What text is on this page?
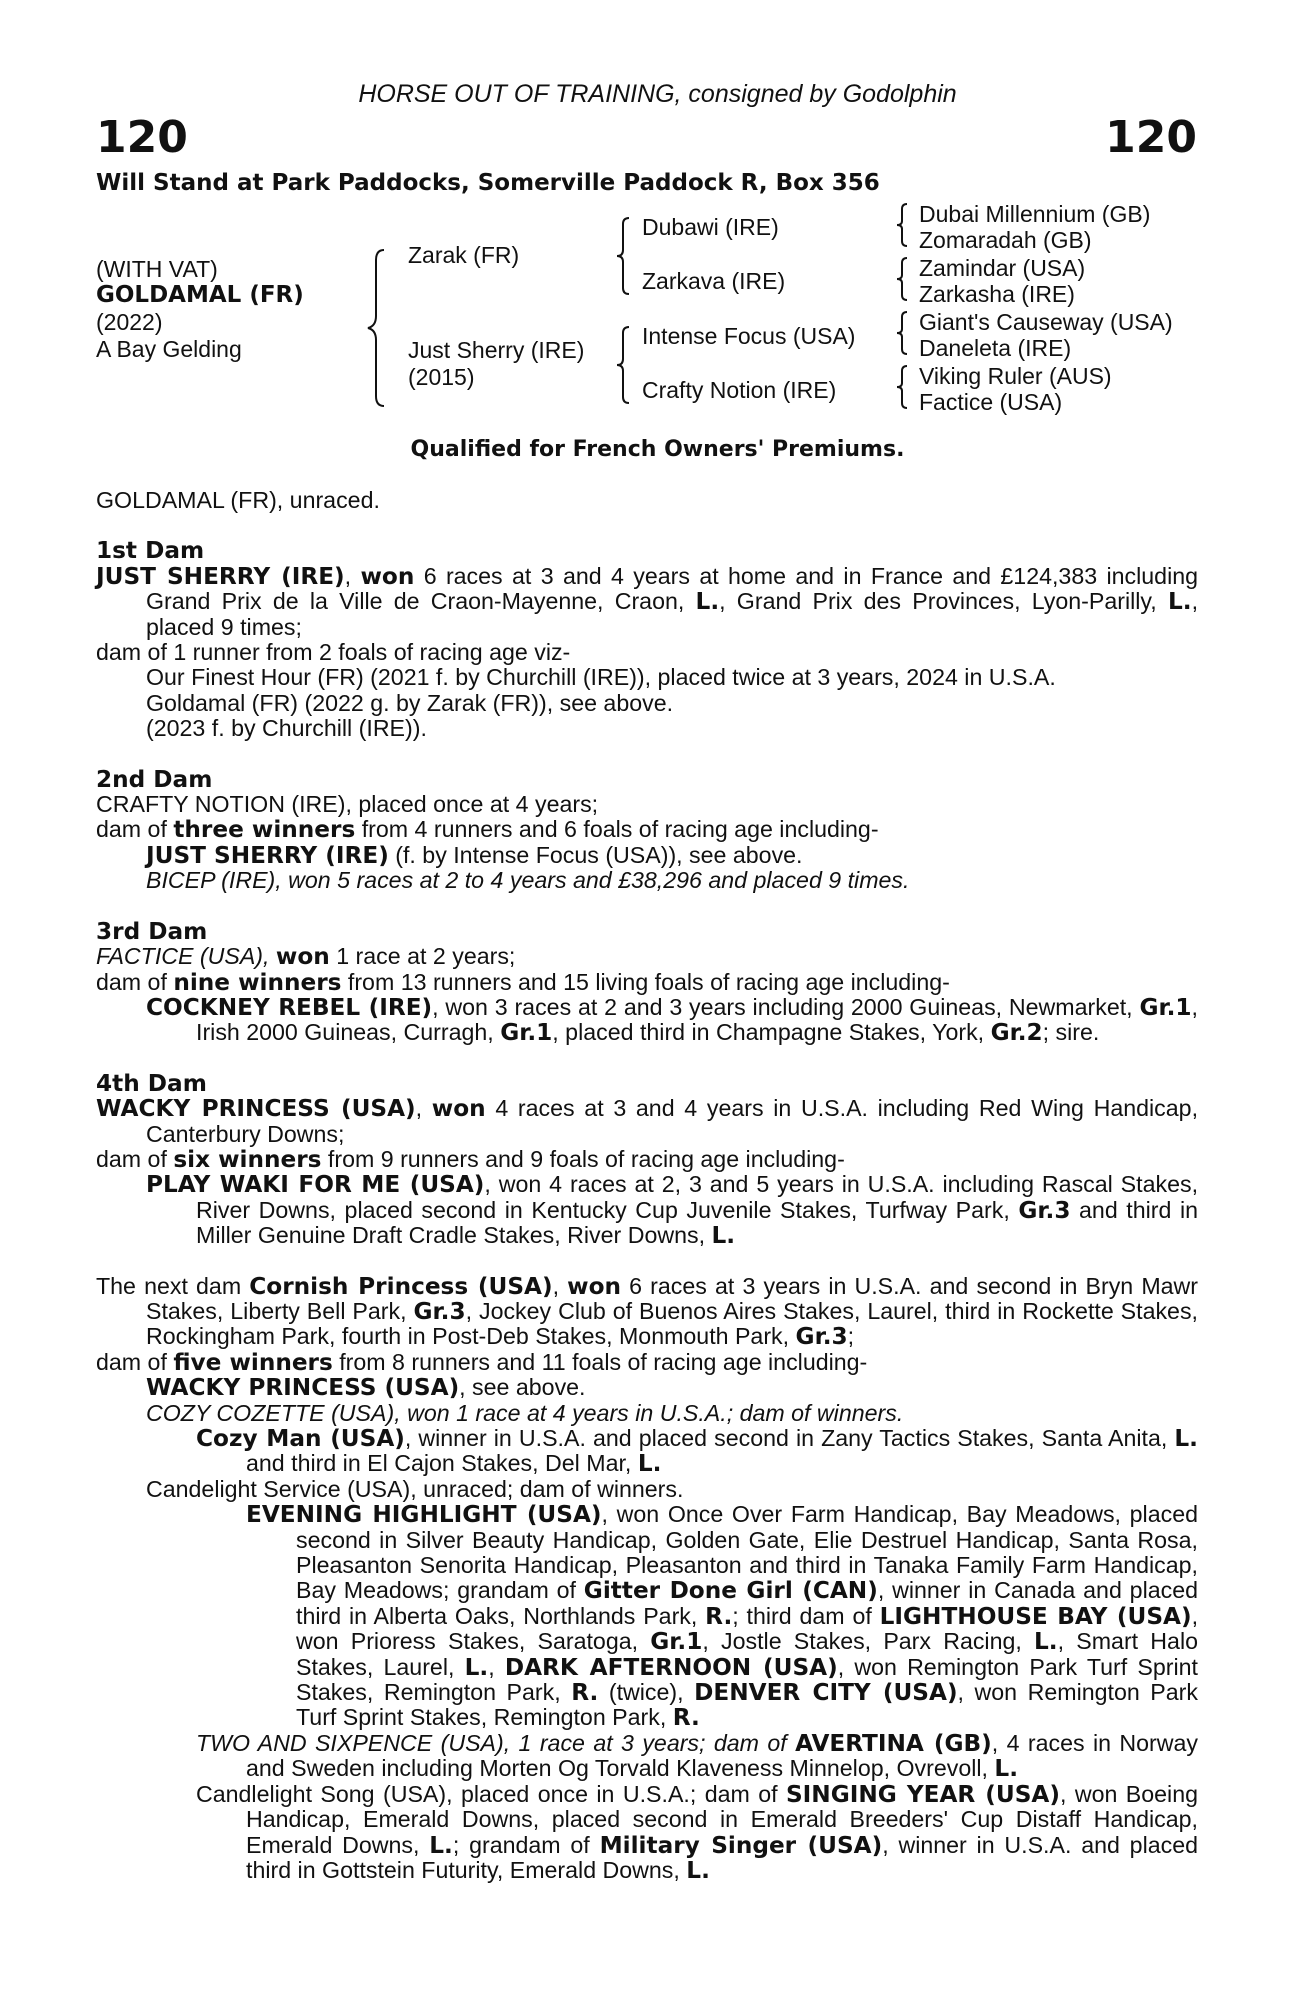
HORSE OUT OF TRAINING, consigned by Godolphin
120	120
Will Stand at Park Paddocks, Somerville Paddock R, Box 356
(WITH VAT)
GOLDAMAL (FR)
(2022)
A Bay Gelding
Zarak (FR)
Just Sherry (IRE)
(2015)
Dubawi (IRE)
Zarkava (IRE)
Intense Focus (USA)
Crafty Notion (IRE)
Dubai Millennium (GB)
Zomaradah (GB)
Zamindar (USA)
Zarkasha (IRE)
Giant's Causeway (USA)
Daneleta (IRE)
Viking Ruler (AUS)
Factice (USA)
Qualified for French Owners' Premiums.

GOLDAMAL (FR), unraced.

1st Dam

JUST SHERRY (IRE), won 6 races at 3 and 4 years at home and in France and £124,383 including Grand Prix de la Ville de Craon-Mayenne, Craon, L., Grand Prix des Provinces, Lyon-Parilly, L., placed 9 times;

dam of 1 runner from 2 foals of racing age viz-

Our Finest Hour (FR) (2021 f. by Churchill (IRE)), placed twice at 3 years, 2024 in U.S.A.

Goldamal (FR) (2022 g. by Zarak (FR)), see above.

(2023 f. by Churchill (IRE)).

2nd Dam

CRAFTY NOTION (IRE), placed once at 4 years;

dam of three winners from 4 runners and 6 foals of racing age including-

JUST SHERRY (IRE) (f. by Intense Focus (USA)), see above.

BICEP (IRE), won 5 races at 2 to 4 years and £38,296 and placed 9 times.

3rd Dam

FACTICE (USA), won 1 race at 2 years;

dam of nine winners from 13 runners and 15 living foals of racing age including-

COCKNEY REBEL (IRE), won 3 races at 2 and 3 years including 2000 Guineas, Newmarket, Gr.1, Irish 2000 Guineas, Curragh, Gr.1, placed third in Champagne Stakes, York, Gr.2; sire.

4th Dam

WACKY PRINCESS (USA), won 4 races at 3 and 4 years in U.S.A. including Red Wing Handicap, Canterbury Downs;

dam of six winners from 9 runners and 9 foals of racing age including-

PLAY WAKI FOR ME (USA), won 4 races at 2, 3 and 5 years in U.S.A. including Rascal Stakes, River Downs, placed second in Kentucky Cup Juvenile Stakes, Turfway Park, Gr.3 and third in Miller Genuine Draft Cradle Stakes, River Downs, L.

The next dam Cornish Princess (USA), won 6 races at 3 years in U.S.A. and second in Bryn Mawr Stakes, Liberty Bell Park, Gr.3, Jockey Club of Buenos Aires Stakes, Laurel, third in Rockette Stakes, Rockingham Park, fourth in Post-Deb Stakes, Monmouth Park, Gr.3;

dam of five winners from 8 runners and 11 foals of racing age including-

WACKY PRINCESS (USA), see above.

COZY COZETTE (USA), won 1 race at 4 years in U.S.A.; dam of winners.

Cozy Man (USA), winner in U.S.A. and placed second in Zany Tactics Stakes, Santa Anita, L. and third in El Cajon Stakes, Del Mar, L.

Candelight Service (USA), unraced; dam of winners.

EVENING HIGHLIGHT (USA), won Once Over Farm Handicap, Bay Meadows, placed second in Silver Beauty Handicap, Golden Gate, Elie Destruel Handicap, Santa Rosa, Pleasanton Senorita Handicap, Pleasanton and third in Tanaka Family Farm Handicap, Bay Meadows; grandam of Gitter Done Girl (CAN), winner in Canada and placed third in Alberta Oaks, Northlands Park, R.; third dam of LIGHTHOUSE BAY (USA), won Prioress Stakes, Saratoga, Gr.1, Jostle Stakes, Parx Racing, L., Smart Halo Stakes, Laurel, L., DARK AFTERNOON (USA), won Remington Park Turf Sprint Stakes, Remington Park, R. (twice), DENVER CITY (USA), won Remington Park Turf Sprint Stakes, Remington Park, R.

TWO AND SIXPENCE (USA), 1 race at 3 years; dam of AVERTINA (GB), 4 races in Norway and Sweden including Morten Og Torvald Klaveness Minnelop, Ovrevoll, L.

Candlelight Song (USA), placed once in U.S.A.; dam of SINGING YEAR (USA), won Boeing Handicap, Emerald Downs, placed second in Emerald Breeders' Cup Distaff Handicap, Emerald Downs, L.; grandam of Military Singer (USA), winner in U.S.A. and placed third in Gottstein Futurity, Emerald Downs, L.
